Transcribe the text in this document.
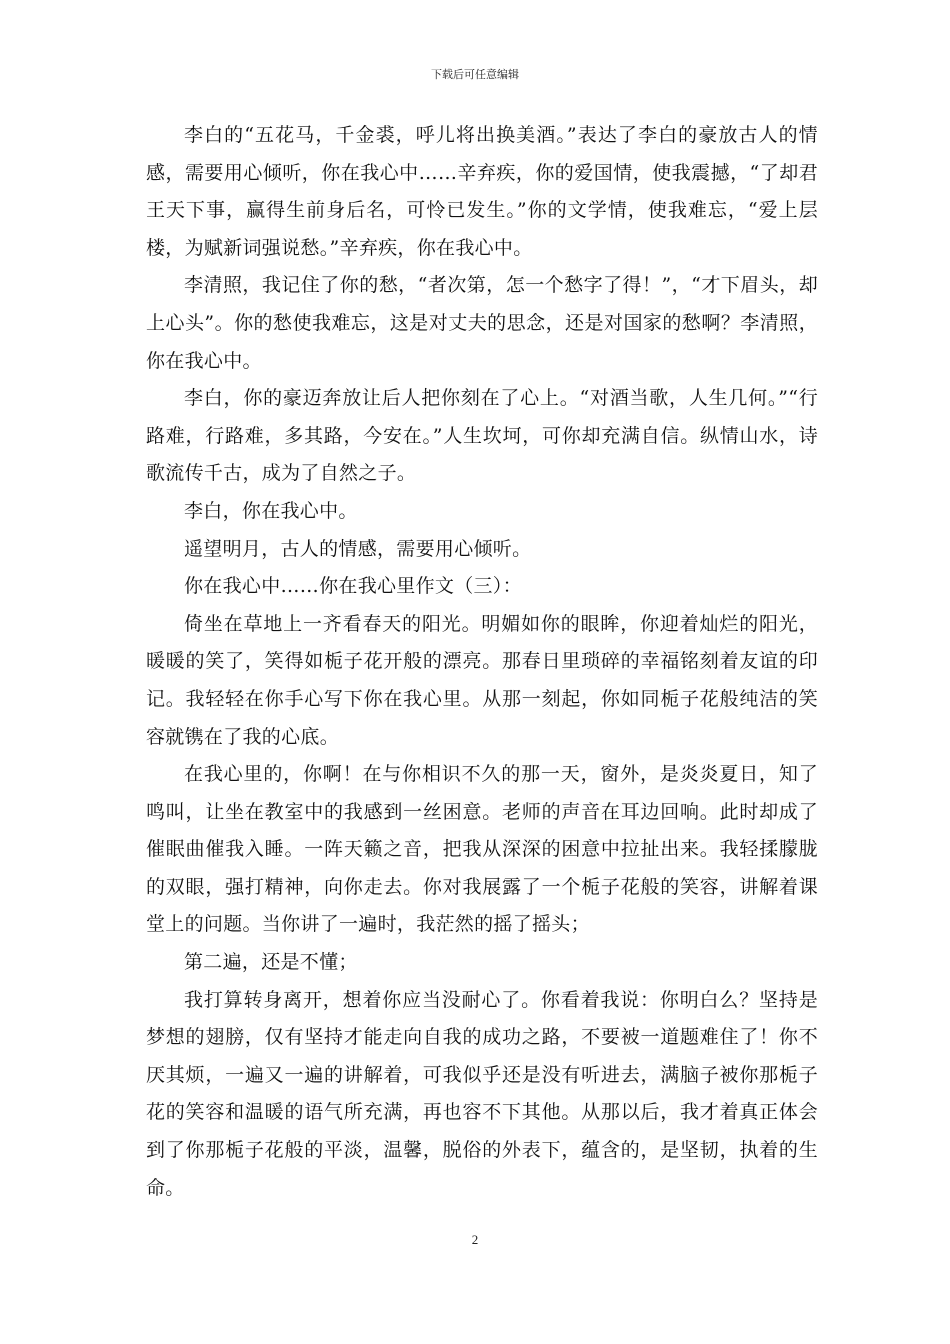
下载后可任意编辑

李白的“五花马，千金裘，呼儿将出换美酒。”表达了李白的豪放古人的情感，需要用心倾听，你在我心中……辛弃疾，你的爱国情，使我震撼，“了却君王天下事，赢得生前身后名，可怜已发生。”你的文学情，使我难忘，“爱上层楼，为赋新词强说愁。”辛弃疾，你在我心中。

李清照，我记住了你的愁，“者次第，怎一个愁字了得！”，“才下眉头，却上心头”。你的愁使我难忘，这是对丈夫的思念，还是对国家的愁啊？李清照，你在我心中。

李白，你的豪迈奔放让后人把你刻在了心上。“对酒当歌，人生几何。”“行路难，行路难，多其路，今安在。”人生坎坷，可你却充满自信。纵情山水，诗歌流传千古，成为了自然之子。

李白，你在我心中。

遥望明月，古人的情感，需要用心倾听。

你在我心中……你在我心里作文（三）：

倚坐在草地上一齐看春天的阳光。明媚如你的眼眸，你迎着灿烂的阳光，暖暖的笑了，笑得如栀子花开般的漂亮。那春日里琐碎的幸福铭刻着友谊的印记。我轻轻在你手心写下你在我心里。从那一刻起，你如同栀子花般纯洁的笑容就镌在了我的心底。

在我心里的，你啊！在与你相识不久的那一天，窗外，是炎炎夏日，知了鸣叫，让坐在教室中的我感到一丝困意。老师的声音在耳边回响。此时却成了催眠曲催我入睡。一阵天籁之音，把我从深深的困意中拉扯出来。我轻揉朦胧的双眼，强打精神，向你走去。你对我展露了一个栀子花般的笑容，讲解着课堂上的问题。当你讲了一遍时，我茫然的摇了摇头；

第二遍，还是不懂；

我打算转身离开，想着你应当没耐心了。你看着我说：你明白么？坚持是梦想的翅膀，仅有坚持才能走向自我的成功之路，不要被一道题难住了！你不厌其烦，一遍又一遍的讲解着，可我似乎还是没有听进去，满脑子被你那栀子花的笑容和温暖的语气所充满，再也容不下其他。从那以后，我才着真正体会到了你那栀子花般的平淡，温馨，脱俗的外表下，蕴含的，是坚韧，执着的生命。

2
